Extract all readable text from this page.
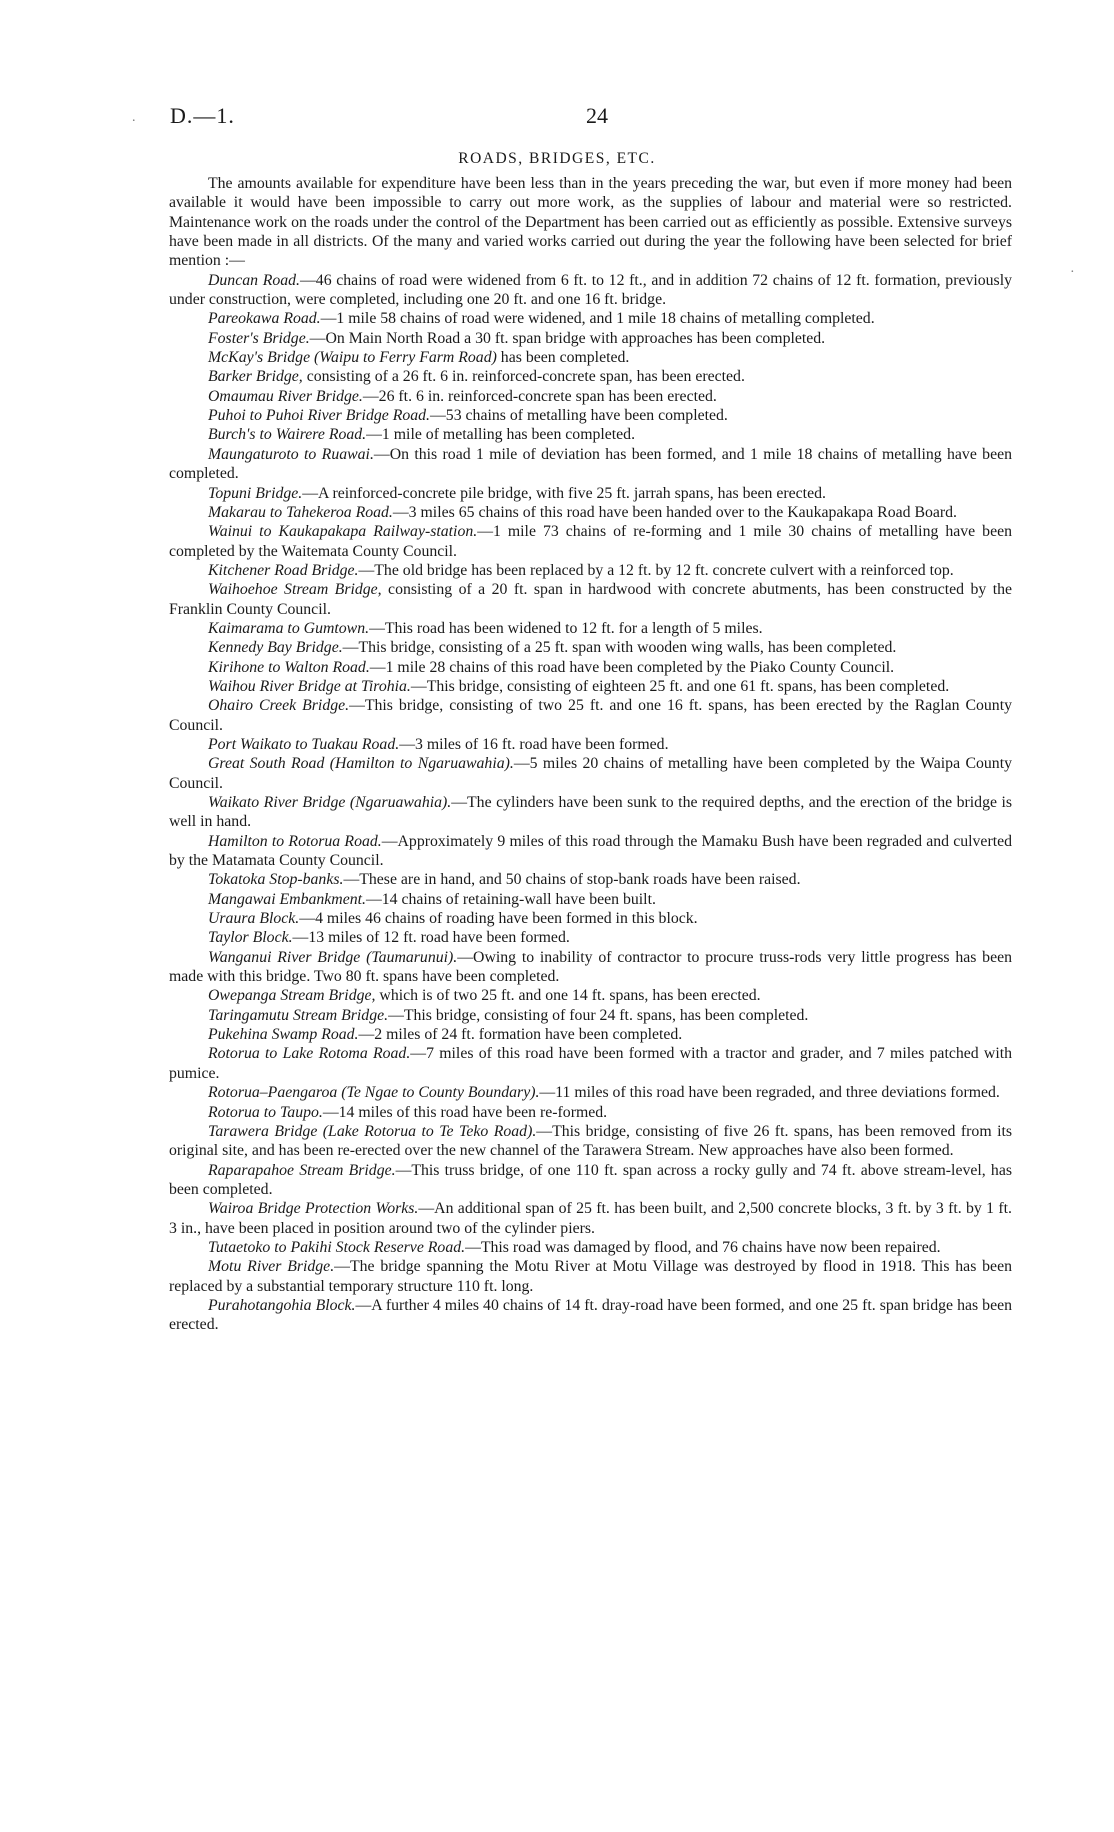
D.—1.	24
ROADS, BRIDGES, ETC.

The amounts available for expenditure have been less than in the years preceding the war, but even if more money had been available it would have been impossible to carry out more work, as the supplies of labour and material were so restricted. Maintenance work on the roads under the control of the Department has been carried out as efficiently as possible. Extensive surveys have been made in all districts. Of the many and varied works carried out during the year the following have been selected for brief mention :—

Duncan Road.—46 chains of road were widened from 6 ft. to 12 ft., and in addition 72 chains of 12 ft. formation, previously under construction, were completed, including one 20 ft. and one 16 ft. bridge.

Pareokawa Road.—1 mile 58 chains of road were widened, and 1 mile 18 chains of metalling completed.

Foster's Bridge.—On Main North Road a 30 ft. span bridge with approaches has been completed.

McKay's Bridge (Waipu to Ferry Farm Road) has been completed.

Barker Bridge, consisting of a 26 ft. 6 in. reinforced-concrete span, has been erected.

Omaumau River Bridge.—26 ft. 6 in. reinforced-concrete span has been erected.

Puhoi to Puhoi River Bridge Road.—53 chains of metalling have been completed.

Burch's to Wairere Road.—1 mile of metalling has been completed.

Maungaturoto to Ruawai.—On this road 1 mile of deviation has been formed, and 1 mile 18 chains of metalling have been completed.

Topuni Bridge.—A reinforced-concrete pile bridge, with five 25 ft. jarrah spans, has been erected.

Makarau to Tahekeroa Road.—3 miles 65 chains of this road have been handed over to the Kaukapakapa Road Board.

Wainui to Kaukapakapa Railway-station.—1 mile 73 chains of re-forming and 1 mile 30 chains of metalling have been completed by the Waitemata County Council.

Kitchener Road Bridge.—The old bridge has been replaced by a 12 ft. by 12 ft. concrete culvert with a reinforced top.

Waihoehoe Stream Bridge, consisting of a 20 ft. span in hardwood with concrete abutments, has been constructed by the Franklin County Council.

Kaimarama to Gumtown.—This road has been widened to 12 ft. for a length of 5 miles.

Kennedy Bay Bridge.—This bridge, consisting of a 25 ft. span with wooden wing walls, has been completed.

Kirihone to Walton Road.—1 mile 28 chains of this road have been completed by the Piako County Council.

Waihou River Bridge at Tirohia.—This bridge, consisting of eighteen 25 ft. and one 61 ft. spans, has been completed.

Ohairo Creek Bridge.—This bridge, consisting of two 25 ft. and one 16 ft. spans, has been erected by the Raglan County Council.

Port Waikato to Tuakau Road.—3 miles of 16 ft. road have been formed.

Great South Road (Hamilton to Ngaruawahia).—5 miles 20 chains of metalling have been completed by the Waipa County Council.

Waikato River Bridge (Ngaruawahia).—The cylinders have been sunk to the required depths, and the erection of the bridge is well in hand.

Hamilton to Rotorua Road.—Approximately 9 miles of this road through the Mamaku Bush have been regraded and culverted by the Matamata County Council.

Tokatoka Stop-banks.—These are in hand, and 50 chains of stop-bank roads have been raised.

Mangawai Embankment.—14 chains of retaining-wall have been built.

Uraura Block.—4 miles 46 chains of roading have been formed in this block.

Taylor Block.—13 miles of 12 ft. road have been formed.

Wanganui River Bridge (Taumarunui).—Owing to inability of contractor to procure truss-rods very little progress has been made with this bridge. Two 80 ft. spans have been completed.

Owepanga Stream Bridge, which is of two 25 ft. and one 14 ft. spans, has been erected.

Taringamutu Stream Bridge.—This bridge, consisting of four 24 ft. spans, has been completed.

Pukehina Swamp Road.—2 miles of 24 ft. formation have been completed.

Rotorua to Lake Rotoma Road.—7 miles of this road have been formed with a tractor and grader, and 7 miles patched with pumice.

Rotorua–Paengaroa (Te Ngae to County Boundary).—11 miles of this road have been regraded, and three deviations formed.

Rotorua to Taupo.—14 miles of this road have been re-formed.

Tarawera Bridge (Lake Rotorua to Te Teko Road).—This bridge, consisting of five 26 ft. spans, has been removed from its original site, and has been re-erected over the new channel of the Tarawera Stream. New approaches have also been formed.

Raparapahoe Stream Bridge.—This truss bridge, of one 110 ft. span across a rocky gully and 74 ft. above stream-level, has been completed.

Wairoa Bridge Protection Works.—An additional span of 25 ft. has been built, and 2,500 concrete blocks, 3 ft. by 3 ft. by 1 ft. 3 in., have been placed in position around two of the cylinder piers.

Tutaetoko to Pakihi Stock Reserve Road.—This road was damaged by flood, and 76 chains have now been repaired.

Motu River Bridge.—The bridge spanning the Motu River at Motu Village was destroyed by flood in 1918. This has been replaced by a substantial temporary structure 110 ft. long.

Purahotangohia Block.—A further 4 miles 40 chains of 14 ft. dray-road have been formed, and one 25 ft. span bridge has been erected.

.
·
